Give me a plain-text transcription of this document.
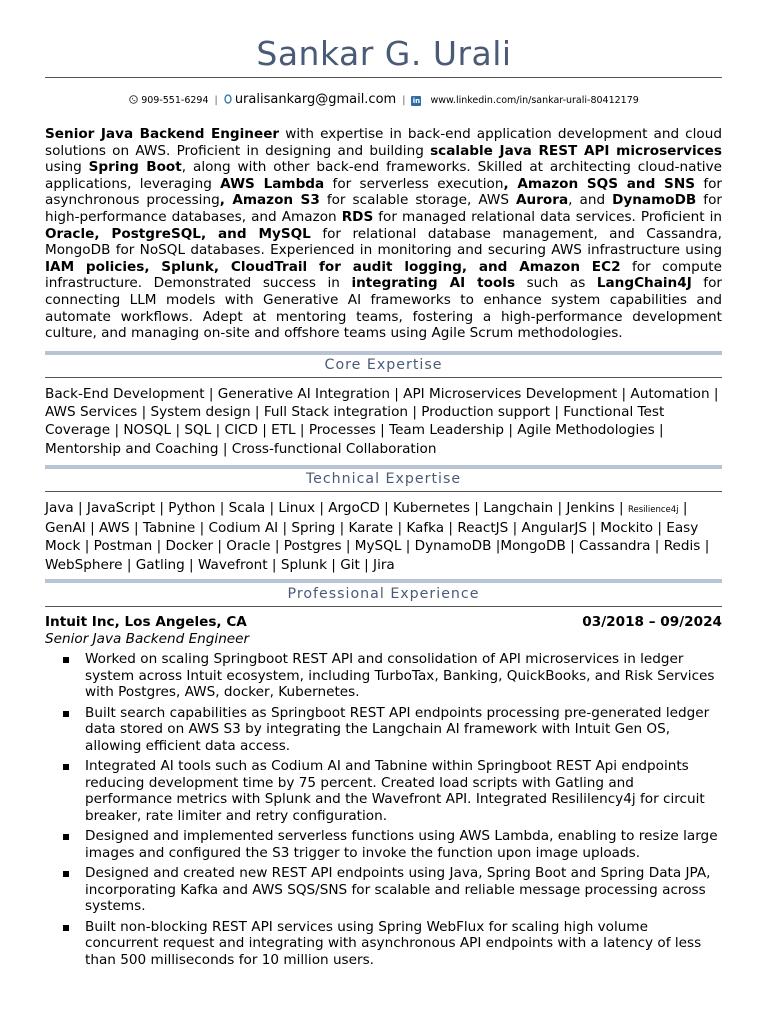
Sankar G. Urali
909-551-6294 | uralisankarg@gmail.com | in www.linkedin.com/in/sankar-urali-80412179
Senior Java Backend Engineer with expertise in back-end application development and cloud solutions on AWS. Proficient in designing and building scalable Java REST API microservices using Spring Boot, along with other back-end frameworks. Skilled at architecting cloud-native applications, leveraging AWS Lambda for serverless execution, Amazon SQS and SNS for asynchronous processing, Amazon S3 for scalable storage, AWS Aurora, and DynamoDB for high-performance databases, and Amazon RDS for managed relational data services. Proficient in Oracle, PostgreSQL, and MySQL for relational database management, and Cassandra, MongoDB for NoSQL databases. Experienced in monitoring and securing AWS infrastructure using IAM policies, Splunk, CloudTrail for audit logging, and Amazon EC2 for compute infrastructure. Demonstrated success in integrating AI tools such as LangChain4J for connecting LLM models with Generative AI frameworks to enhance system capabilities and automate workflows. Adept at mentoring teams, fostering a high-performance development culture, and managing on-site and offshore teams using Agile Scrum methodologies.
Core Expertise
Back-End Development | Generative AI Integration | API Microservices Development | Automation | AWS Services | System design | Full Stack integration | Production support | Functional Test Coverage | NOSQL | SQL | CICD | ETL | Processes | Team Leadership | Agile Methodologies | Mentorship and Coaching | Cross-functional Collaboration
Technical Expertise
Java | JavaScript | Python | Scala | Linux | ArgoCD | Kubernetes | Langchain | Jenkins | Resilience4j | GenAI | AWS | Tabnine | Codium AI | Spring | Karate | Kafka | ReactJS | AngularJS | Mockito | Easy Mock | Postman | Docker | Oracle | Postgres | MySQL | DynamoDB |MongoDB | Cassandra | Redis | WebSphere | Gatling | Wavefront | Splunk | Git | Jira
Professional Experience
Intuit Inc, Los Angeles, CA	03/2018 – 09/2024
Senior Java Backend Engineer
Worked on scaling Springboot REST API and consolidation of API microservices in ledger system across Intuit ecosystem, including TurboTax, Banking, QuickBooks, and Risk Services with Postgres, AWS, docker, Kubernetes.
Built search capabilities as Springboot REST API endpoints processing pre-generated ledger data stored on AWS S3 by integrating the Langchain AI framework with Intuit Gen OS, allowing efficient data access.
Integrated AI tools such as Codium AI and Tabnine within Springboot REST Api endpoints reducing development time by 75 percent. Created load scripts with Gatling and performance metrics with Splunk and the Wavefront API. Integrated Resililency4j for circuit breaker, rate limiter and retry configuration.
Designed and implemented serverless functions using AWS Lambda, enabling to resize large images and configured the S3 trigger to invoke the function upon image uploads.
Designed and created new REST API endpoints using Java, Spring Boot and Spring Data JPA, incorporating Kafka and AWS SQS/SNS for scalable and reliable message processing across systems.
Built non-blocking REST API services using Spring WebFlux for scaling high volume concurrent request and integrating with asynchronous API endpoints with a latency of less than 500 milliseconds for 10 million users.
